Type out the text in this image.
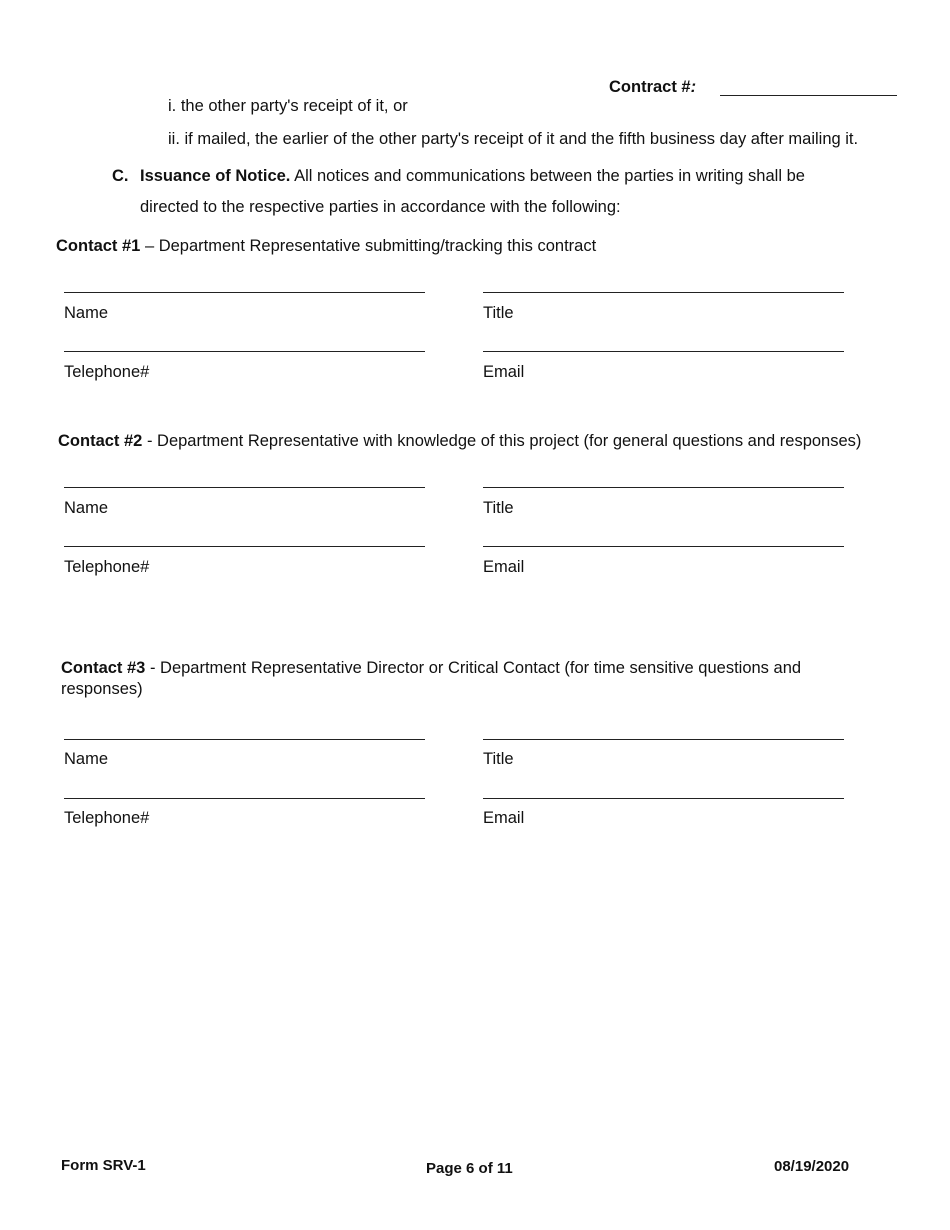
Contract #:
i. the other party's receipt of it, or
ii. if mailed, the earlier of the other party's receipt of it and the fifth business day after mailing it.
C. Issuance of Notice. All notices and communications between the parties in writing shall be
directed to the respective parties in accordance with the following:
Contact #1 – Department Representative submitting/tracking this contract
Name	Title
Telephone#	Email
Contact #2 - Department Representative with knowledge of this project (for general questions and responses)
Name	Title
Telephone#	Email
Contact #3 - Department Representative Director or Critical Contact (for time sensitive questions and
responses)
Name	Title
Telephone#	Email
Form SRV-1	Page 6 of 11	08/19/2020
